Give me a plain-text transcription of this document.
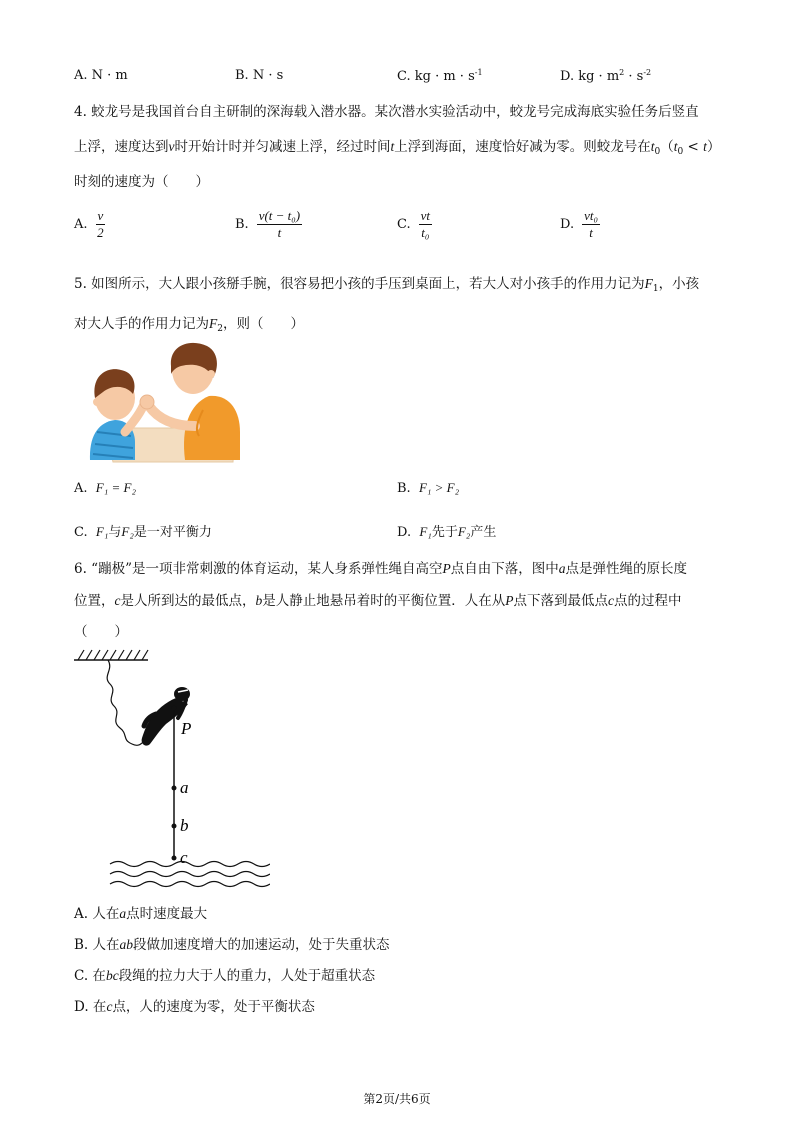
A. N · m	B. N · s	C. kg · $m \cdot s^{-1}$	D. kg · $m^2 \cdot s^{-2}$
4. 蛟龙号是我国首台自主研制的深海载入潜水器。某次潜水实验活动中，蛟龙号完成海底实验任务后竖直
上浮，速度达到v时开始计时并匀减速上浮，经过时间t上浮到海面，速度恰好减为零。则蛟龙号在$t_0(t_0 < t)$
时刻的速度为（　　）
A. $\frac{v}{2}$	B. $\frac{\text{v(t − t₀)}}{t}$	C. $\frac{vt}{\text{t₀}}$	D. $\frac{\text{vt₀}}{t}$
5. 如图所示，大人跟小孩掰手腕，很容易把小孩的手压到桌面上，若大人对小孩手的作用力记为$F_1$，小孩
对大人手的作用力记为$F_2$，则（　　）
A. F₁ = F₂	B. F₁ > F₂
C. F₁与F₂是一对平衡力	D. F₁先于F₂产生
6. “蹦极”是一项非常刺激的体育运动，某人身系弹性绳自高空P点自由下落，图中a点是弹性绳的原长度
位置，c是人所到达的最低点，b是人静止地悬吊着时的平衡位置．人在从P点下落到最低点c点的过程中
（　　）
P
a
b
c
A. 人在a点时速度最大
B. 人在ab段做加速度增大的加速运动，处于失重状态
C. 在bc段绳的拉力大于人的重力，人处于超重状态
D. 在c点，人的速度为零，处于平衡状态
第2页/共6页
